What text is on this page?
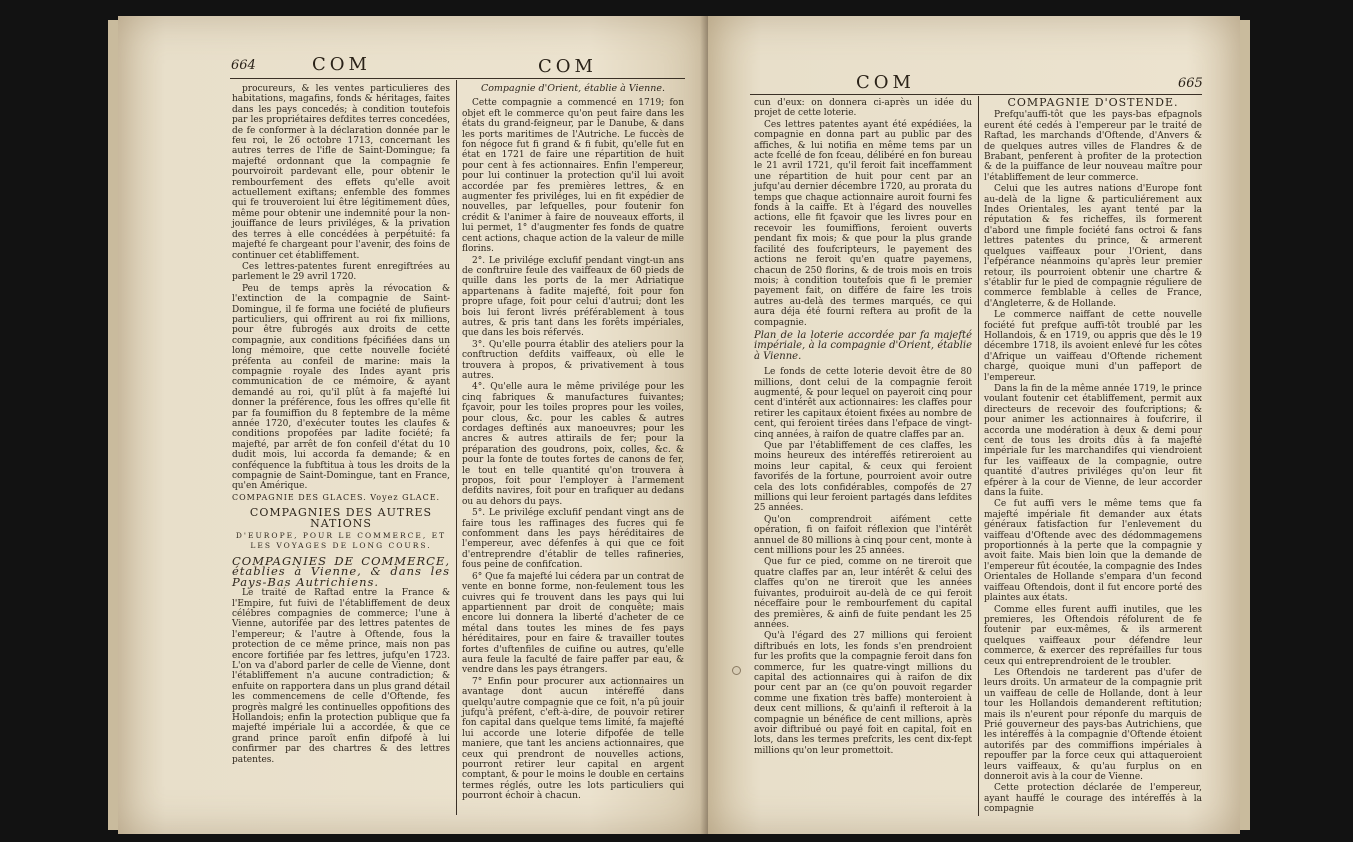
664	COM	COM

procureurs, & les ventes particulieres des habitations, magafins, fonds & héritages, faites dans les pays concedés; à condition toutefois par les propriétaires defdites terres concedées, de fe conformer à la déclaration donnée par le feu roi, le 26 octobre 1713, concernant les autres terres de l'ifle de Saint-Domingue; fa majefté ordonnant que la compagnie fe pourvoiroit pardevant elle, pour obtenir le rembourfement des effets qu'elle avoit actuellement exiftans; enfemble des fommes qui fe trouveroient lui être légitimement dûes, même pour obtenir une indemnité pour la non-jouiffance de leurs priviléges, & la privation des terres à elle concédées à perpétuité: fa majefté fe chargeant pour l'avenir, des foins de continuer cet établiffement.

Ces lettres-patentes furent enregiftrées au parlement le 29 avril 1720.

Peu de temps après la révocation & l'extinction de la compagnie de Saint-Domingue, il fe forma une fociété de plufieurs particuliers, qui offrirent au roi fix millions, pour être fubrogés aux droits de cette compagnie, aux conditions fpécifiées dans un long mémoire, que cette nouvelle fociété préfenta au confeil de marine: mais la compagnie royale des Indes ayant pris communication de ce mémoire, & ayant demandé au roi, qu'il plût à fa majefté lui donner la préférence, fous les offres qu'elle fit par fa foumiffion du 8 feptembre de la même année 1720, d'exécuter toutes les claufes & conditions propofées par ladite fociété; fa majefté, par arrêt de fon confeil d'état du 10 dudit mois, lui accorda fa demande; & en conféquence la fubftitua à tous les droits de la compagnie de Saint-Domingue, tant en France, qu'en Amérique.

COMPAGNIE DES GLACES. Voyez GLACE.

COMPAGNIES DES AUTRES NATIONS

D'EUROPE, POUR LE COMMERCE, ET LES VOYAGES DE LONG COURS.

COMPAGNIES DE COMMERCE, établies à Vienne, & dans les Pays-Bas Autrichiens.

Le traité de Raftad entre la France & l'Empire, fut fuivi de l'établiffement de deux célébres compagnies de commerce; l'une à Vienne, autorifée par des lettres patentes de l'empereur; & l'autre à Oftende, fous la protection de ce même prince, mais non pas encore fortifiée par fes lettres, jufqu'en 1723. L'on va d'abord parler de celle de Vienne, dont l'établiffement n'a aucune contradiction; & enfuite on rapportera dans un plus grand détail les commencemens de celle d'Oftende, fes progrès malgré les continuelles oppofitions des Hollandois; enfin la protection publique que fa majefté impériale lui a accordée, & que ce grand prince paroît enfin difpofé à lui confirmer par des chartres & des lettres patentes.

Compagnie d'Orient, établie à Vienne.

Cette compagnie a commencé en 1719; fon objet eft le commerce qu'on peut faire dans les états du grand-feigneur, par le Danube, & dans les ports maritimes de l'Autriche. Le fuccès de fon négoce fut fi grand & fi fubit, qu'elle fut en état en 1721 de faire une répartition de huit pour cent à fes actionnaires. Enfin l'empereur, pour lui continuer la protection qu'il lui avoit accordée par fes premières lettres, & en augmenter fes priviléges, lui en fit expédier de nouvelles, par lefquelles, pour foutenir fon crédit & l'animer à faire de nouveaux efforts, il lui permet, 1° d'augmenter fes fonds de quatre cent actions, chaque action de la valeur de mille florins.

2°. Le privilége exclufif pendant vingt-un ans de conftruire feule des vaiffeaux de 60 pieds de quille dans les ports de la mer Adriatique appartenans à fadite majefté, foit pour fon propre ufage, foit pour celui d'autrui; dont les bois lui feront livrés préférablement à tous autres, & pris tant dans les forêts impériales, que dans les bois réfervés.

3°. Qu'elle pourra établir des ateliers pour la conftruction defdits vaiffeaux, où elle le trouvera à propos, & privativement à tous autres.

4°. Qu'elle aura le même privilége pour les cinq fabriques & manufactures fuivantes; fçavoir, pour les toiles propres pour les voiles, pour clous, &c. pour les cables & autres cordages deftinés aux manoeuvres; pour les ancres & autres attirails de fer; pour la préparation des goudrons, poix, colles, &c. & pour la fonte de toutes fortes de canons de fer, le tout en telle quantité qu'on trouvera à propos, foit pour l'employer à l'armement defdits navires, foit pour en trafiquer au dedans ou au dehors du pays.

5°. Le privilége exclufif pendant vingt ans de faire tous les raffinages des fucres qui fe confomment dans les pays héréditaires de l'empereur, avec défenfes à qui que ce foit d'entreprendre d'établir de telles rafineries, fous peine de confifcation.

6° Que fa majefté lui cédera par un contrat de vente en bonne forme, non-feulement tous les cuivres qui fe trouvent dans les pays qui lui appartiennent par droit de conquête; mais encore lui donnera la liberté d'acheter de ce métal dans toutes les mines de fes pays héréditaires, pour en faire & travailler toutes fortes d'uftenfiles de cuifine ou autres, qu'elle aura feule la faculté de faire paffer par eau, & vendre dans les pays étrangers.

7° Enfin pour procurer aux actionnaires un avantage dont aucun intéreffé dans quelqu'autre compagnie que ce foit, n'a pû jouir jufqu'à préfent, c'eft-à-dire, de pouvoir retirer fon capital dans quelque tems limité, fa majefté lui accorde une loterie difpofée de telle maniere, que tant les anciens actionnaires, que ceux qui prendront de nouvelles actions, pourront retirer leur capital en argent comptant, & pour le moins le double en certains termes réglés, outre les lots particuliers qui pourront échoir à chacun.

COM	665

cun d'eux: on donnera ci-après un idée du projet de cette loterie.

Ces lettres patentes ayant été expédiées, la compagnie en donna part au public par des affiches, & lui notifia en même tems par un acte fcellé de fon fceau, délibéré en fon bureau le 21 avril 1721, qu'il feroit fait inceffamment une répartition de huit pour cent par an jufqu'au dernier décembre 1720, au prorata du temps que chaque actionnaire auroit fourni fes fonds à la caiffe. Et à l'égard des nouvelles actions, elle fit fçavoir que les livres pour en recevoir les foumiffions, feroient ouverts pendant fix mois; & que pour la plus grande facilité des foufcripteurs, le payement des actions ne feroit qu'en quatre payemens, chacun de 250 florins, & de trois mois en trois mois; à condition toutefois que fi le premier payement fait, on différe de faire les trois autres au-delà des termes marqués, ce qui aura déja été fourni reftera au profit de la compagnie.

Plan de la loterie accordée par fa majefté impériale, à la compagnie d'Orient, établie à Vienne.

Le fonds de cette loterie devoit être de 80 millions, dont celui de la compagnie feroit augmenté, & pour lequel on payeroit cinq pour cent d'intérêt aux actionnaires: les claffes pour retirer les capitaux étoient fixées au nombre de cent, qui feroient tirées dans l'efpace de vingt-cinq années, à raifon de quatre claffes par an.

Que par l'établiffement de ces claffes, les moins heureux des intéreffés retireroient au moins leur capital, & ceux qui feroient favorifés de la fortune, pourroient avoir outre cela des lots confidérables, compofés de 27 millions qui leur feroient partagés dans lefdites 25 années.

Qu'on comprendroit aifément cette opération, fi on faifoit réflexion que l'intérêt annuel de 80 millions à cinq pour cent, monte à cent millions pour les 25 années.

Que fur ce pied, comme on ne tireroit que quatre claffes par an, leur intérêt & celui des claffes qu'on ne tireroit que les années fuivantes, produiroit au-delà de ce qui feroit néceffaire pour le rembourfement du capital des premières, & ainfi de fuite pendant les 25 années.

Qu'à l'égard des 27 millions qui feroient diftribués en lots, les fonds s'en prendroient fur les profits que la compagnie feroit dans fon commerce, fur les quatre-vingt millions du capital des actionnaires qui à raifon de dix pour cent par an (ce qu'on pouvoit regarder comme une fixation très baffe) monteroient à deux cent millions, & qu'ainfi il refteroit à la compagnie un bénéfice de cent millions, après avoir diftribué ou payé foit en capital, foit en lots, dans les termes prefcrits, les cent dix-fept millions qu'on leur promettoit.

COMPAGNIE D'OSTENDE.

Prefqu'auffi-tôt que les pays-bas efpagnols eurent été cedés à l'empereur par le traité de Raftad, les marchands d'Oftende, d'Anvers & de quelques autres villes de Flandres & de Brabant, penferent à profiter de la protection & de la puiffance de leur nouveau maître pour l'établiffement de leur commerce.

Celui que les autres nations d'Europe font au-delà de la ligne & particuliérement aux Indes Orientales, les ayant tenté par la réputation & fes richeffes, ils formerent d'abord une fimple fociété fans octroi & fans lettres patentes du prince, & armerent quelques vaiffeaux pour l'Orient, dans l'efpérance néanmoins qu'après leur premier retour, ils pourroient obtenir une chartre & s'établir fur le pied de compagnie réguliere de commerce femblable à celles de France, d'Angleterre, & de Hollande.

Le commerce naiffant de cette nouvelle fociété fut prefque auffi-tôt troublé par les Hollandois, & en 1719, ou appris que dès le 19 décembre 1718, ils avoient enlevé fur les côtes d'Afrique un vaiffeau d'Oftende richement chargé, quoique muni d'un paffeport de l'empereur.

Dans la fin de la même année 1719, le prince voulant foutenir cet établiffement, permit aux directeurs de recevoir des foufcriptions; & pour animer les actionnaires à foufcrire, il accorda une modération à deux & demi pour cent de tous les droits dûs à fa majefté impériale fur les marchandifes qui viendroient fur les vaiffeaux de la compagnie, outre quantité d'autres priviléges qu'on leur fit efpérer à la cour de Vienne, de leur accorder dans la fuite.

Ce fut auffi vers le même tems que fa majefté impériale fit demander aux états généraux fatisfaction fur l'enlevement du vaiffeau d'Oftende avec des dédommagemens proportionnés à la perte que la compagnie y avoit faite. Mais bien loin que la demande de l'empereur fût écoutée, la compagnie des Indes Orientales de Hollande s'empara d'un fecond vaiffeau Oftendois, dont il fut encore porté des plaintes aux états.

Comme elles furent auffi inutiles, que les premieres, les Oftendois réfolurent de fe foutenir par eux-mêmes, & ils armerent quelques vaiffeaux pour défendre leur commerce, & exercer des repréfailles fur tous ceux qui entreprendroient de le troubler.

Les Oftendois ne tarderent pas d'ufer de leurs droits. Un armateur de la compagnie prit un vaiffeau de celle de Hollande, dont à leur tour les Hollandois demanderent reftitution; mais ils n'eurent pour réponfe du marquis de Prié gouverneur des pays-bas Autrichiens, que les intéreffés à la compagnie d'Oftende étoient autorifés par des commiffions impériales à repouffer par la force ceux qui attaqueroient leurs vaiffeaux, & qu'au furplus on en donneroit avis à la cour de Vienne.

Cette protection déclarée de l'empereur, ayant hauffé le courage des intéreffés à la compagnie
